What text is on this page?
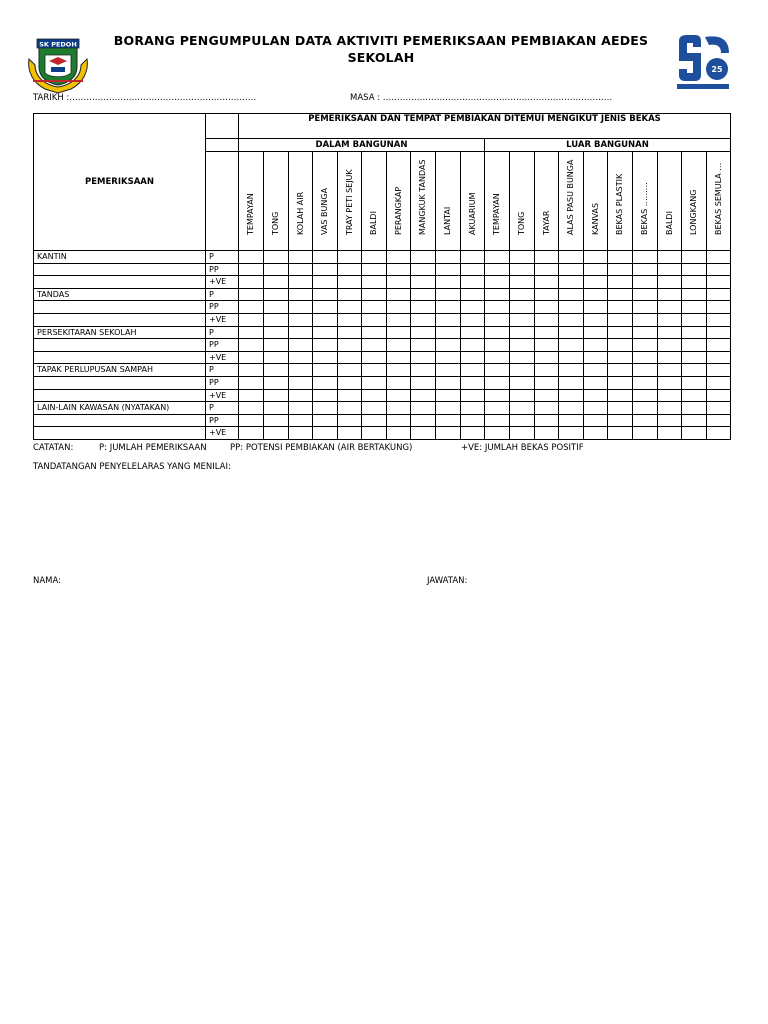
SK PEDOH	BORANG PENGUMPULAN DATA AKTIVITI PEMERIKSAAN PEMBIAKAN AEDES SEKOLAH
25
TARIKH :…………………………………………………………	MASA : ………………………………………………………………………
PEMERIKSAAN		PEMERIKSAAN DAN TEMPAT PEMBIAKAN DITEMUI MENGIKUT JENIS BEKAS																			
		DALAM BANGUNAN										LUAR BANGUNAN									

		TEMPAYAN	TONG	KOLAH AIR	VAS BUNGA	TRAY PETI SEJUK	BALDI	PERANGKAP	MANGKUK TANDAS	LANTAI	AKUARIUM	TEMPAYAN	TONG	TAYAR	ALAS PASU BUNGA	KANVAS	BEKAS PLASTIK	BEKAS ………	BALDI	LONGKANG	BEKAS SEMULA …

KANTIN	P																				
	PP																				
	+VE																				
TANDAS	P																				
	PP																				
	+VE																				
PERSEKITARAN SEKOLAH	P																				
	PP																				
	+VE																				
TAPAK PERLUPUSAN SAMPAH	P																				
	PP																				
	+VE																				
LAIN-LAIN KAWASAN (NYATAKAN)	P																				
	PP																				
	+VE																				
CATATAN:	P: JUMLAH PEMERIKSAAN	PP: POTENSI PEMBIAKAN (AIR BERTAKUNG)	+VE: JUMLAH BEKAS POSITIF
TANDATANGAN PENYELELARAS YANG MENILAI:
NAMA:	JAWATAN:
